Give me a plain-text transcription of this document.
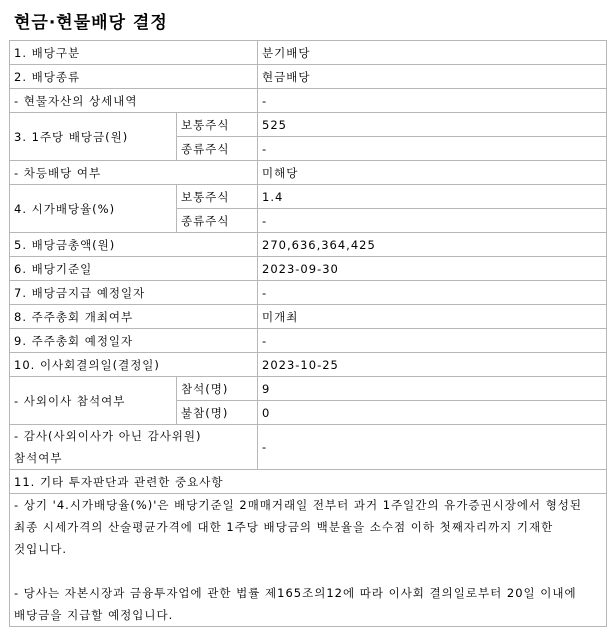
현금·현물배당 결정
1. 배당구분		분기배당
2. 배당종류		현금배당
- 현물자산의 상세내역		-
3. 1주당 배당금(원)	보통주식	525
	종류주식	-
- 차등배당 여부		미해당
4. 시가배당율(%)	보통주식	1.4
	종류주식	-
5. 배당금총액(원)		270,636,364,425
6. 배당기준일		2023-09-30
7. 배당금지급 예정일자		-
8. 주주총회 개최여부		미개최
9. 주주총회 예정일자		-
10. 이사회결의일(결정일)		2023-10-25
- 사외이사 참석여부	참석(명)	9
	불참(명)	0
- 감사(사외이사가 아닌 감사위원) 참석여부		-
11. 기타 투자판단과 관련한 중요사항		

- 상기 '4.시가배당율(%)'은 배당기준일 2매매거래일 전부터 과거 1주일간의 유가증권시장에서 형성된 최종 시세가격의 산술평균가격에 대한 1주당 배당금의 백분율을 소수점 이하 첫째자리까지 기재한 것입니다.

- 당사는 자본시장과 금융투자업에 관한 법률 제165조의12에 따라 이사회 결의일로부터 20일 이내에 배당금을 지급할 예정입니다.		
